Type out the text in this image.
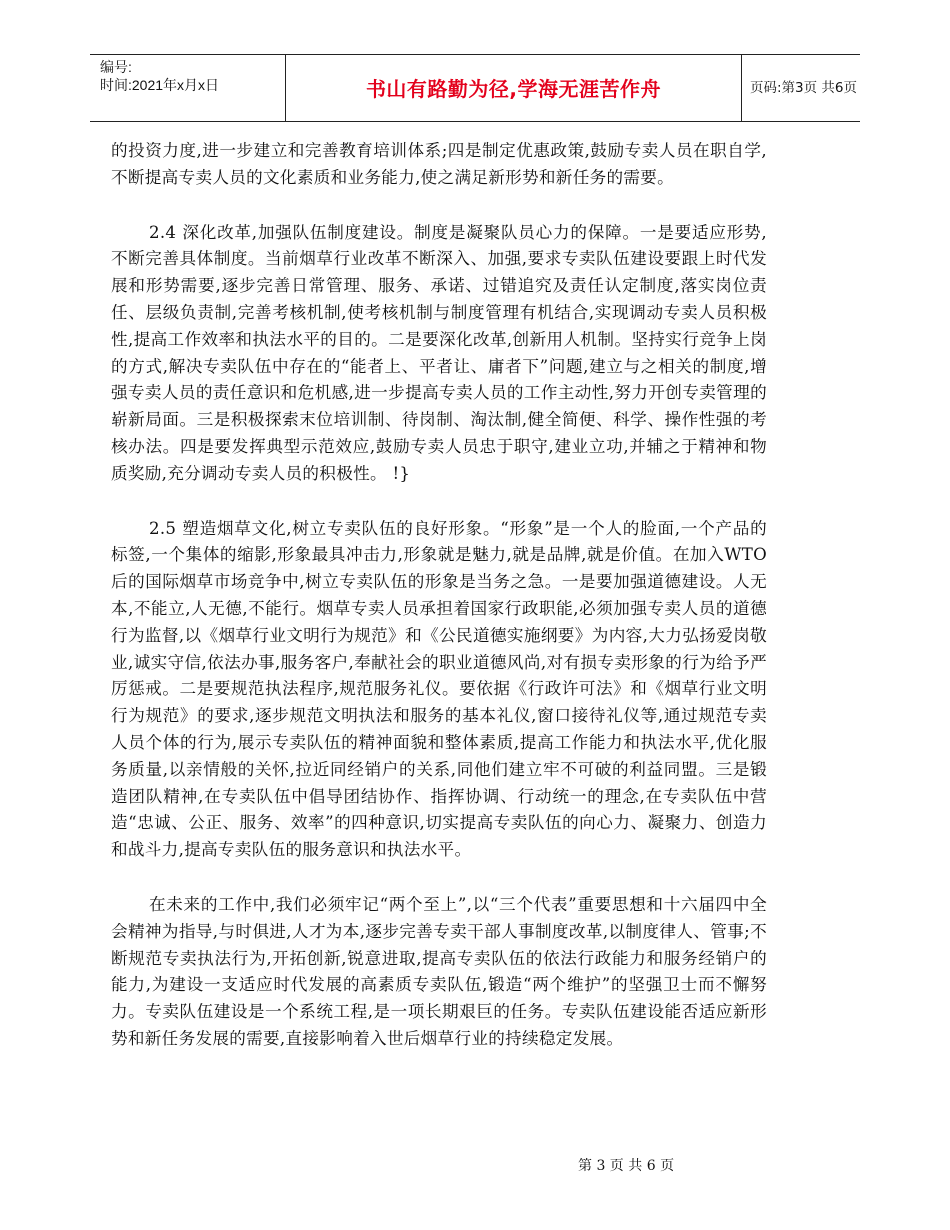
编号:
时间:2021年x月x日	书山有路勤为径,学海无涯苦作舟	页码:第3页 共6页

的投资力度,进一步建立和完善教育培训体系;四是制定优惠政策,鼓励专卖人员在职自学,不断提高专卖人员的文化素质和业务能力,使之满足新形势和新任务的需要。

2.4 深化改革,加强队伍制度建设。制度是凝聚队员心力的保障。一是要适应形势,不断完善具体制度。当前烟草行业改革不断深入、加强,要求专卖队伍建设要跟上时代发展和形势需要,逐步完善日常管理、服务、承诺、过错追究及责任认定制度,落实岗位责任、层级负责制,完善考核机制,使考核机制与制度管理有机结合,实现调动专卖人员积极性,提高工作效率和执法水平的目的。二是要深化改革,创新用人机制。坚持实行竞争上岗的方式,解决专卖队伍中存在的“能者上、平者让、庸者下”问题,建立与之相关的制度,增强专卖人员的责任意识和危机感,进一步提高专卖人员的工作主动性,努力开创专卖管理的崭新局面。三是积极探索末位培训制、待岗制、淘汰制,健全简便、科学、操作性强的考核办法。四是要发挥典型示范效应,鼓励专卖人员忠于职守,建业立功,并辅之于精神和物质奖励,充分调动专卖人员的积极性。 !}

2.5 塑造烟草文化,树立专卖队伍的良好形象。“形象”是一个人的脸面,一个产品的标签,一个集体的缩影,形象最具冲击力,形象就是魅力,就是品牌,就是价值。在加入WTO后的国际烟草市场竞争中,树立专卖队伍的形象是当务之急。一是要加强道德建设。人无本,不能立,人无德,不能行。烟草专卖人员承担着国家行政职能,必须加强专卖人员的道德行为监督,以《烟草行业文明行为规范》和《公民道德实施纲要》为内容,大力弘扬爱岗敬业,诚实守信,依法办事,服务客户,奉献社会的职业道德风尚,对有损专卖形象的行为给予严厉惩戒。二是要规范执法程序,规范服务礼仪。要依据《行政许可法》和《烟草行业文明行为规范》的要求,逐步规范文明执法和服务的基本礼仪,窗口接待礼仪等,通过规范专卖人员个体的行为,展示专卖队伍的精神面貌和整体素质,提高工作能力和执法水平,优化服务质量,以亲情般的关怀,拉近同经销户的关系,同他们建立牢不可破的利益同盟。三是锻造团队精神,在专卖队伍中倡导团结协作、指挥协调、行动统一的理念,在专卖队伍中营造“忠诚、公正、服务、效率”的四种意识,切实提高专卖队伍的向心力、凝聚力、创造力和战斗力,提高专卖队伍的服务意识和执法水平。

在未来的工作中,我们必须牢记“两个至上”,以“三个代表”重要思想和十六届四中全会精神为指导,与时俱进,人才为本,逐步完善专卖干部人事制度改革,以制度律人、管事;不断规范专卖执法行为,开拓创新,锐意进取,提高专卖队伍的依法行政能力和服务经销户的能力,为建设一支适应时代发展的高素质专卖队伍,锻造“两个维护”的坚强卫士而不懈努力。专卖队伍建设是一个系统工程,是一项长期艰巨的任务。专卖队伍建设能否适应新形势和新任务发展的需要,直接影响着入世后烟草行业的持续稳定发展。

第 3 页 共 6 页
